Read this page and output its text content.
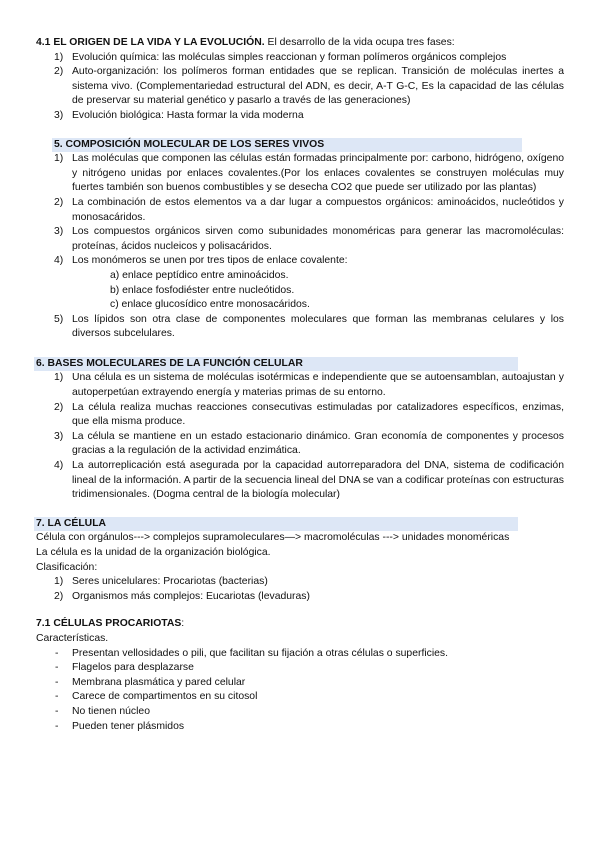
4.1 EL ORIGEN DE LA VIDA Y LA EVOLUCIÓN. El desarrollo de la vida ocupa tres fases:
1) Evolución química: las moléculas simples reaccionan y forman polímeros orgánicos complejos
2) Auto-organización: los polímeros forman entidades que se replican. Transición de moléculas inertes a sistema vivo. (Complementariedad estructural del ADN, es decir, A-T G-C, Es la capacidad de las células de preservar su material genético y pasarlo a través de las generaciones)
3) Evolución biológica: Hasta formar la vida moderna
5. COMPOSICIÓN MOLECULAR DE LOS SERES VIVOS
1) Las moléculas que componen las células están formadas principalmente por: carbono, hidrógeno, oxígeno y nitrógeno unidas por enlaces covalentes.(Por los enlaces covalentes se construyen moléculas muy fuertes también son buenos combustibles y se desecha CO2 que puede ser utilizado por las plantas)
2) La combinación de estos elementos va a dar lugar a compuestos orgánicos: aminoácidos, nucleótidos y monosacáridos.
3) Los compuestos orgánicos sirven como subunidades monoméricas para generar las macromoléculas: proteínas, ácidos nucleicos y polisacáridos.
4) Los monómeros se unen por tres tipos de enlace covalente:
a) enlace peptídico entre aminoácidos.
b) enlace fosfodiéster entre nucleótidos.
c) enlace glucosídico entre monosacáridos.
5) Los lípidos son otra clase de componentes moleculares que forman las membranas celulares y los diversos subcelulares.
6. BASES MOLECULARES DE LA FUNCIÓN CELULAR
1) Una célula es un sistema de moléculas isotérmicas e independiente que se autoensamblan, autoajustan y autoperpetúan extrayendo energía y materias primas de su entorno.
2) La célula realiza muchas reacciones consecutivas estimuladas por catalizadores específicos, enzimas, que ella misma produce.
3) La célula se mantiene en un estado estacionario dinámico. Gran economía de componentes y procesos gracias a la regulación de la actividad enzimática.
4) La autorreplicación está asegurada por la capacidad autorreparadora del DNA, sistema de codificación lineal de la información. A partir de la secuencia lineal del DNA se van a codificar proteínas con estructuras tridimensionales. (Dogma central de la biología molecular)
7. LA CÉLULA
Célula con orgánulos---> complejos supramoleculares—> macromoléculas ---> unidades monoméricas
La célula es la unidad de la organización biológica.
Clasificación:
1) Seres unicelulares: Procariotas (bacterias)
2) Organismos más complejos: Eucariotas (levaduras)
7.1 CÉLULAS PROCARIOTAS:
Características.
- Presentan vellosidades o pili, que facilitan su fijación a otras células o superficies.
- Flagelos para desplazarse
- Membrana plasmática y pared celular
- Carece de compartimentos en su citosol
- No tienen núcleo
- Pueden tener plásmidos
